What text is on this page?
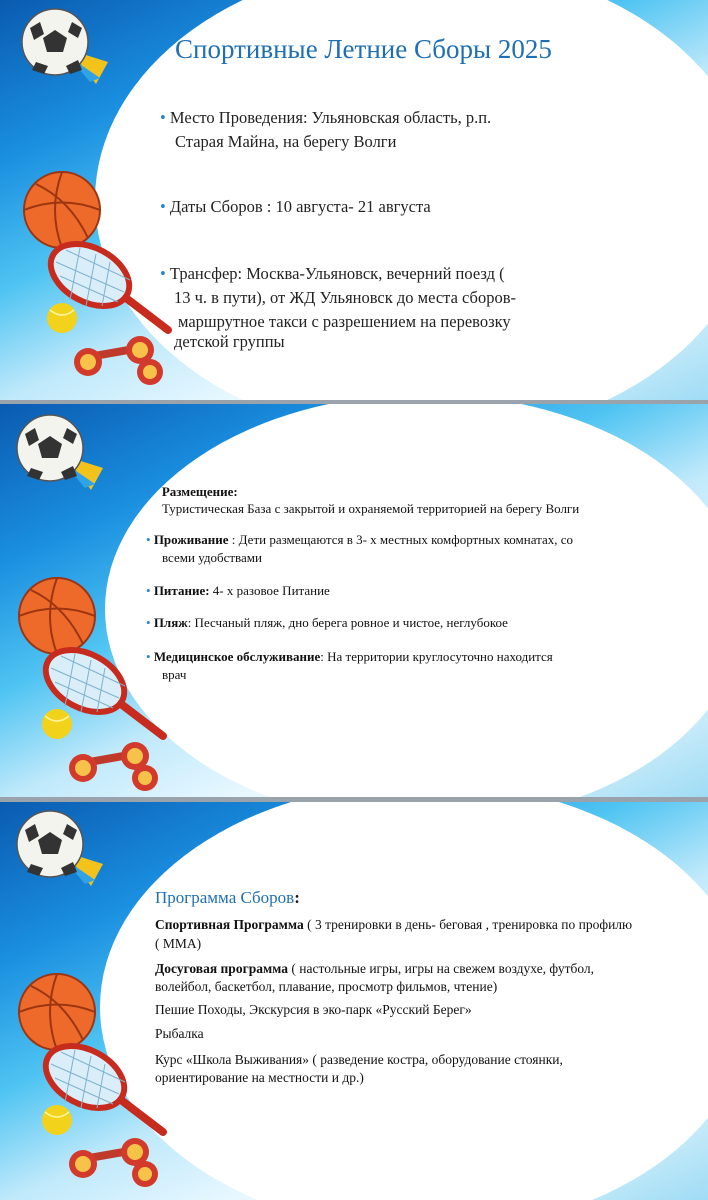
Спортивные Летние Сборы 2025
• Место Проведения: Ульяновская область, р.п.
Старая Майна, на берегу Волги
• Даты Сборов : 10 августа- 21 августа
• Трансфер: Москва-Ульяновск, вечерний поезд (
13 ч. в пути), от ЖД Ульяновск до места сборов-
маршрутное такси с разрешением на перевозку
детской группы
• Размещение:
Туристическая База с закрытой и охраняемой территорией на берегу Волги
• Проживание : Дети размещаются в 3- х местных комфортных комнатах, со
всеми удобствами
• Питание: 4- х разовое Питание
• Пляж: Песчаный пляж, дно берега ровное и чистое, неглубокое
• Медицинское обслуживание: На территории круглосуточно находится
врач
Программа Сборов:
Спортивная Программа ( 3 тренировки в день- беговая , тренировка по профилю
( ММА)
Досуговая программа ( настольные игры, игры на свежем воздухе, футбол,
волейбол, баскетбол, плавание, просмотр фильмов, чтение)
Пешие Походы, Экскурсия в эко-парк «Русский Берег»
Рыбалка
Курс «Школа Выживания» ( разведение костра, оборудование стоянки,
ориентирование на местности и др.)
